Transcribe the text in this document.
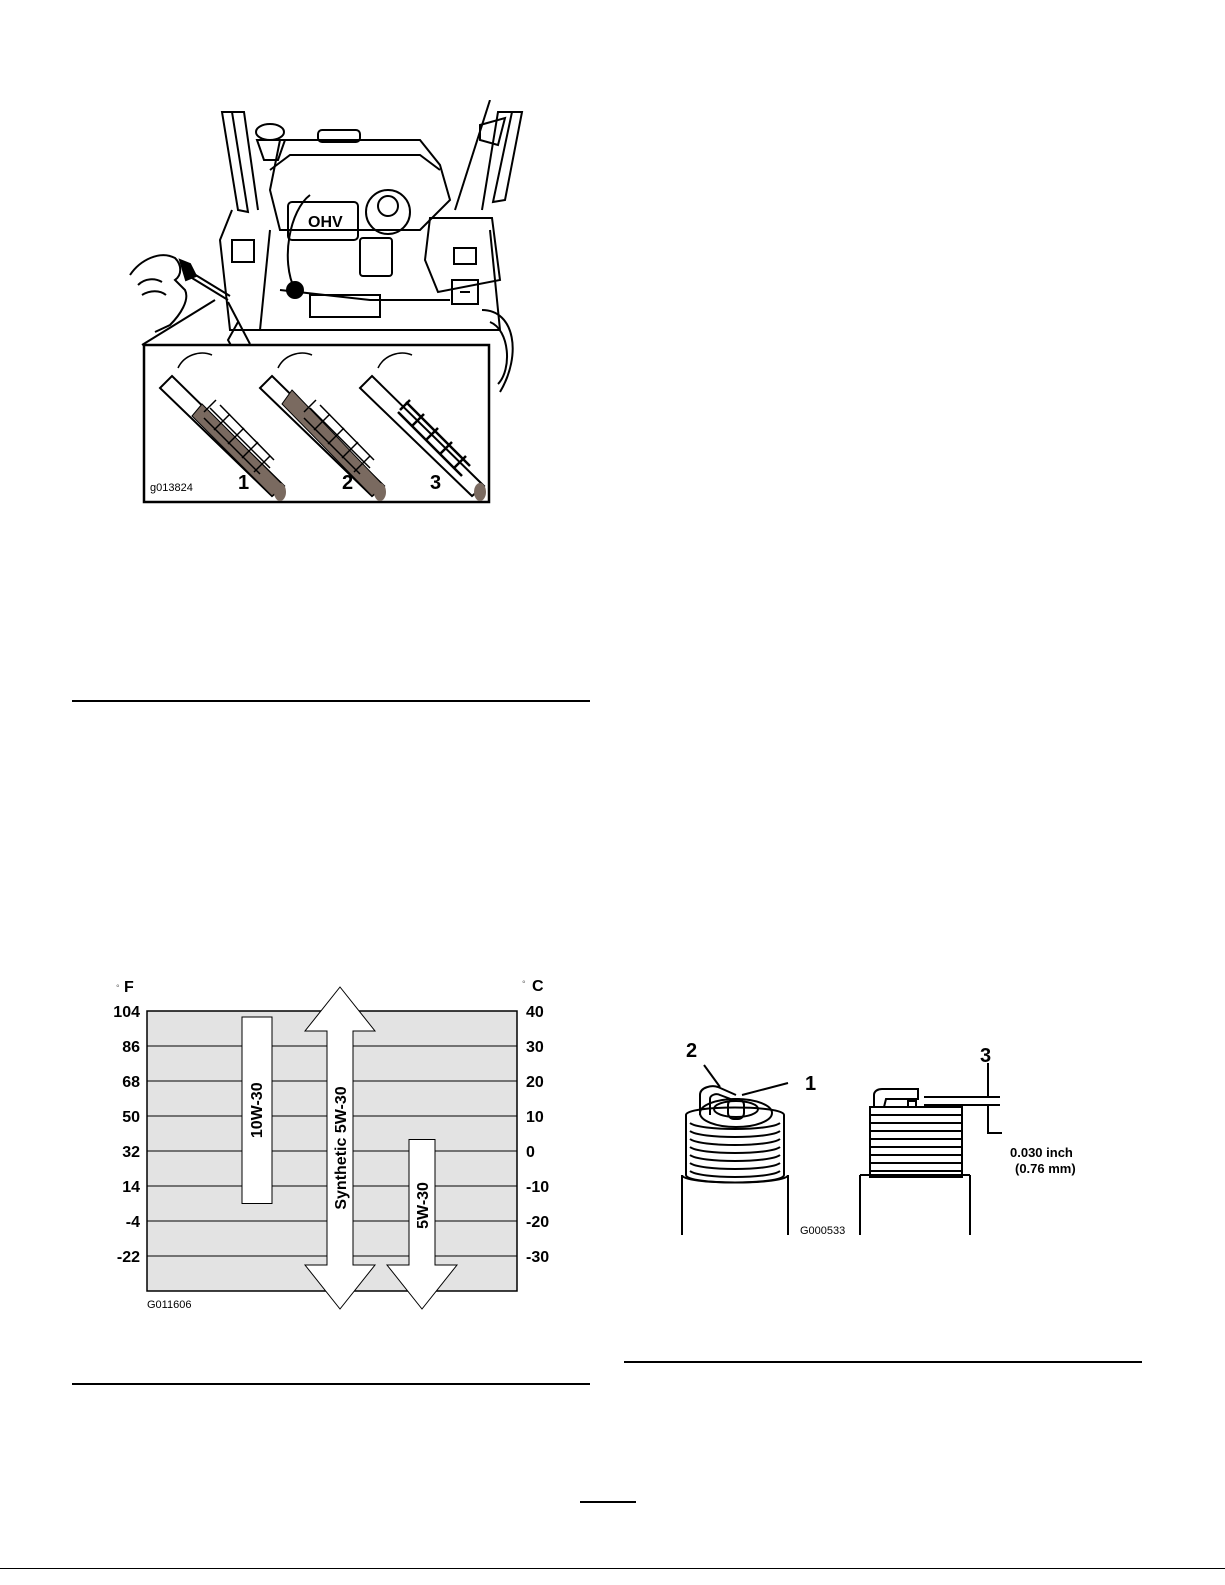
OHV
g013824 1	2	3
10W-30	Synthetic 5W-30	5W-30
104	40
86	30
68	20
50	10
32	0
14	-10
-4	-20
-22	-30
° F	° C
G011606
2
1
3
0.030 inch
(0.76 mm)
G000533
